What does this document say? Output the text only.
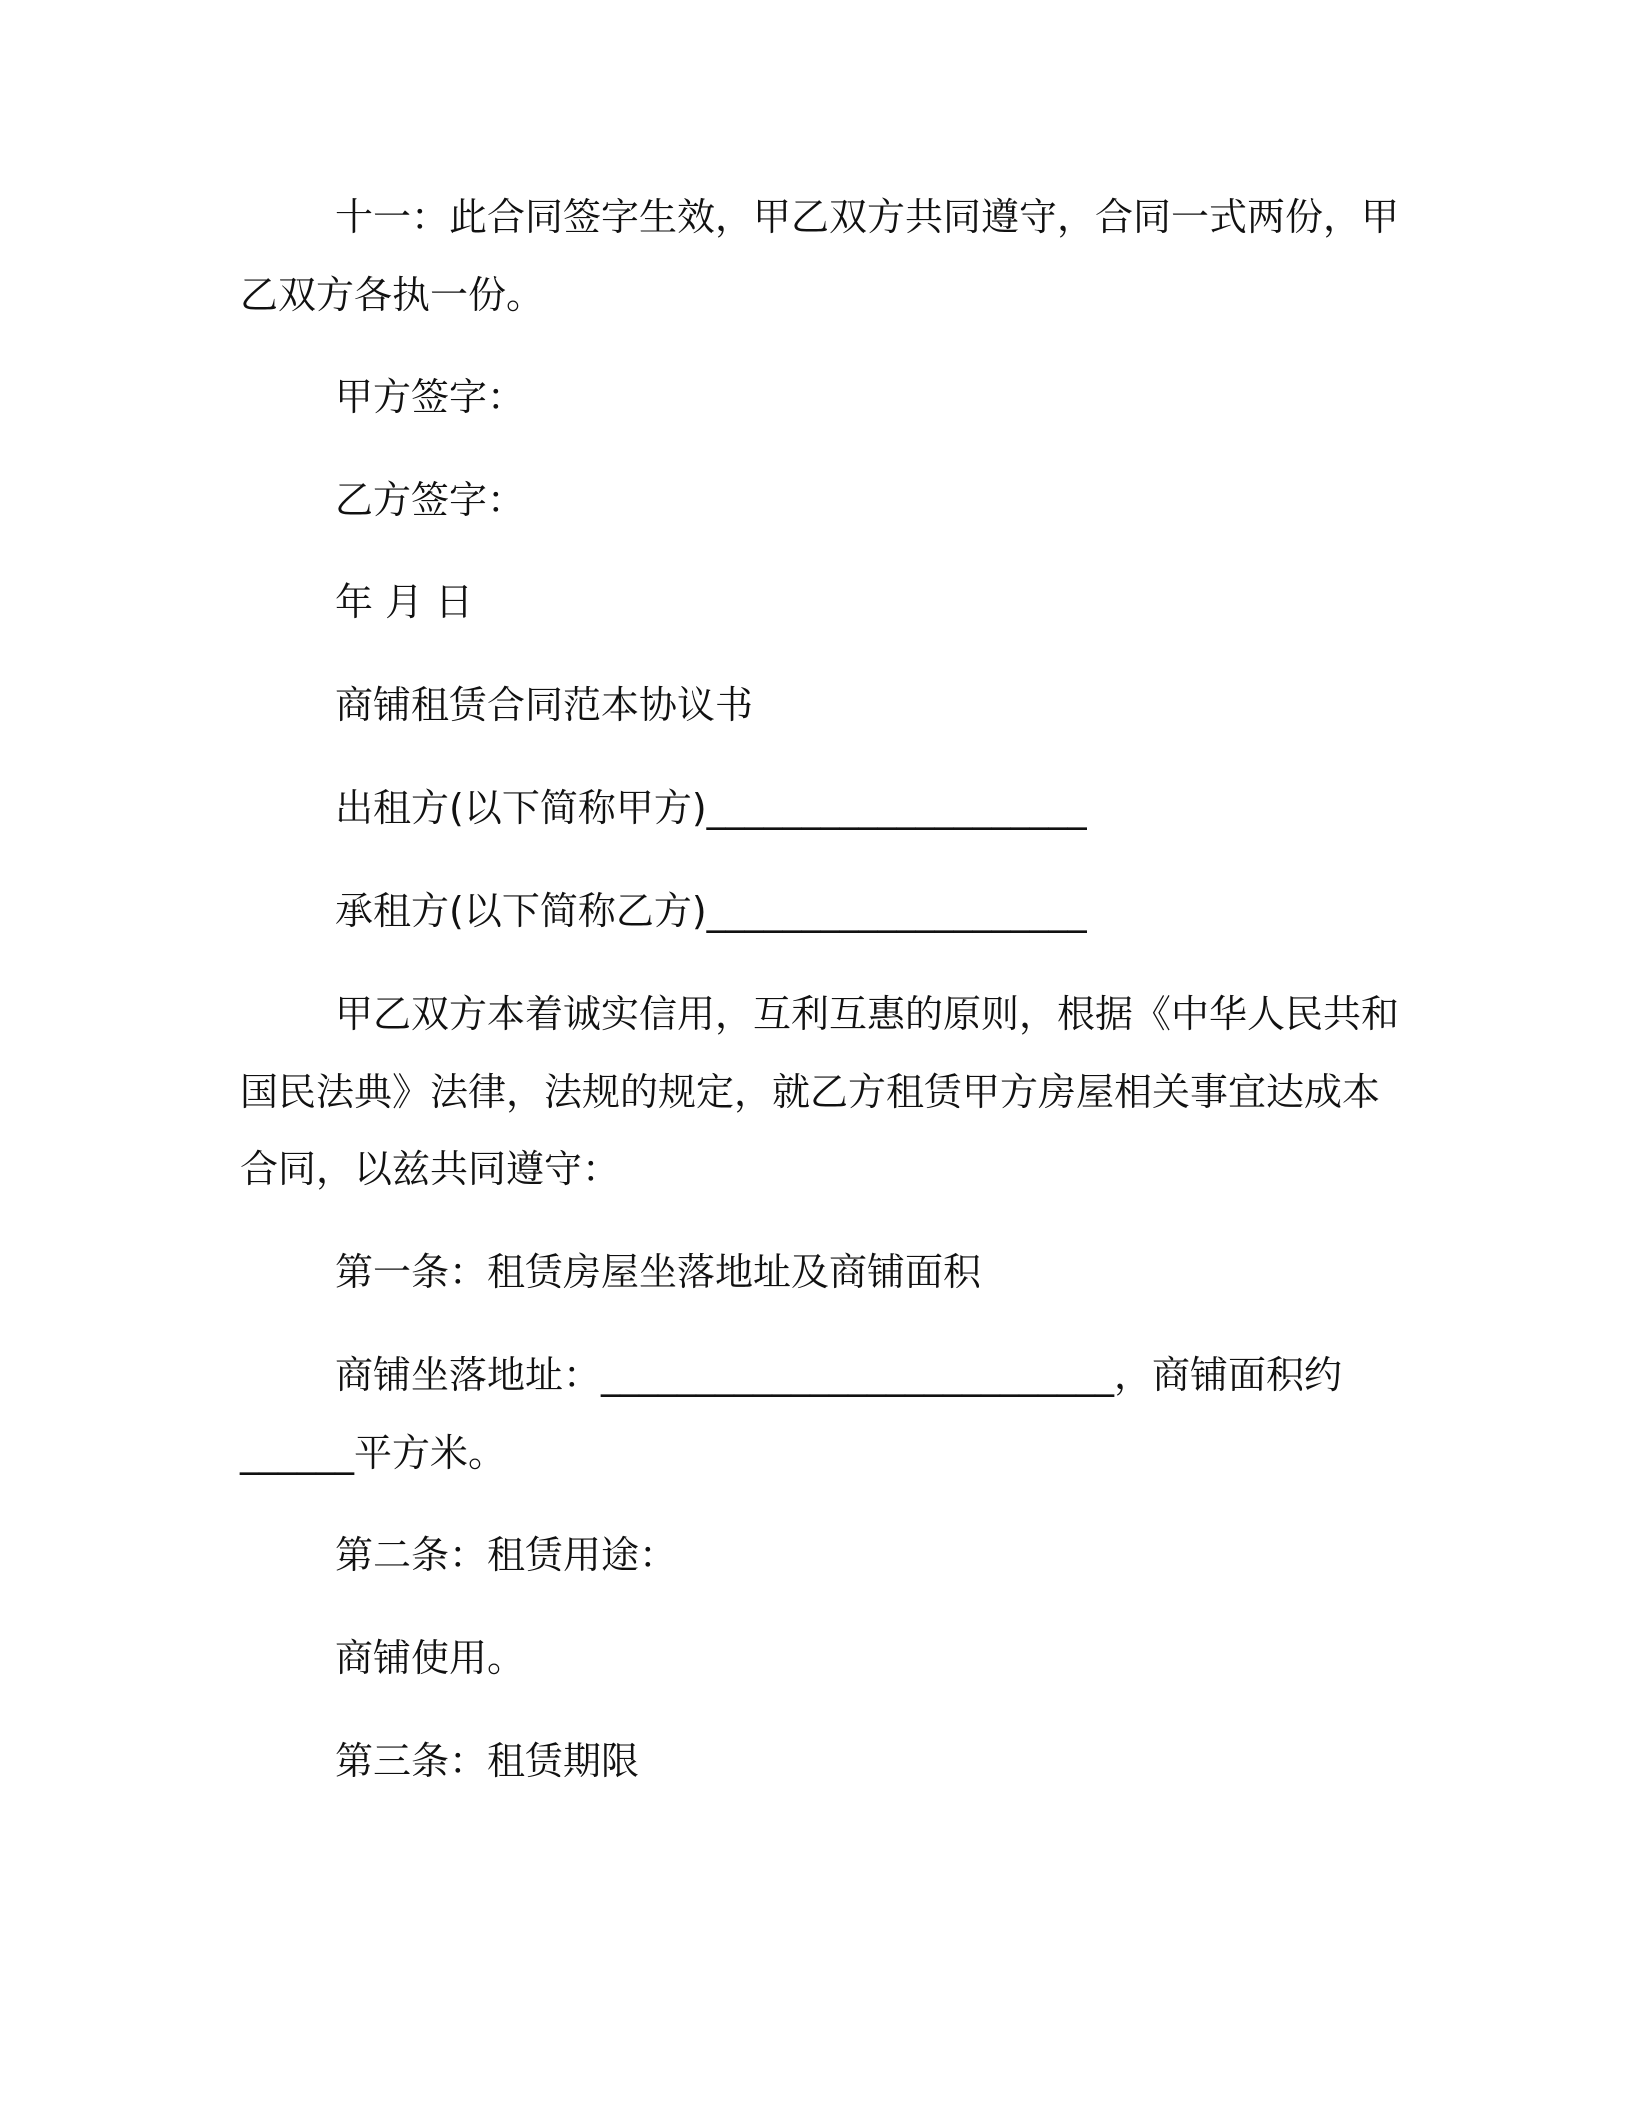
十一：此合同签字生效，甲乙双方共同遵守，合同一式两份，甲
乙双方各执一份。
甲方签字：
乙方签字：
年 月 日
商铺租赁合同范本协议书
出租方(以下简称甲方)____________________
承租方(以下简称乙方)____________________
甲乙双方本着诚实信用，互利互惠的原则，根据《中华人民共和
国民法典》法律，法规的规定，就乙方租赁甲方房屋相关事宜达成本
合同，以兹共同遵守：
第一条：租赁房屋坐落地址及商铺面积
商铺坐落地址：___________________________，商铺面积约
______平方米。
第二条：租赁用途：
商铺使用。
第三条：租赁期限
